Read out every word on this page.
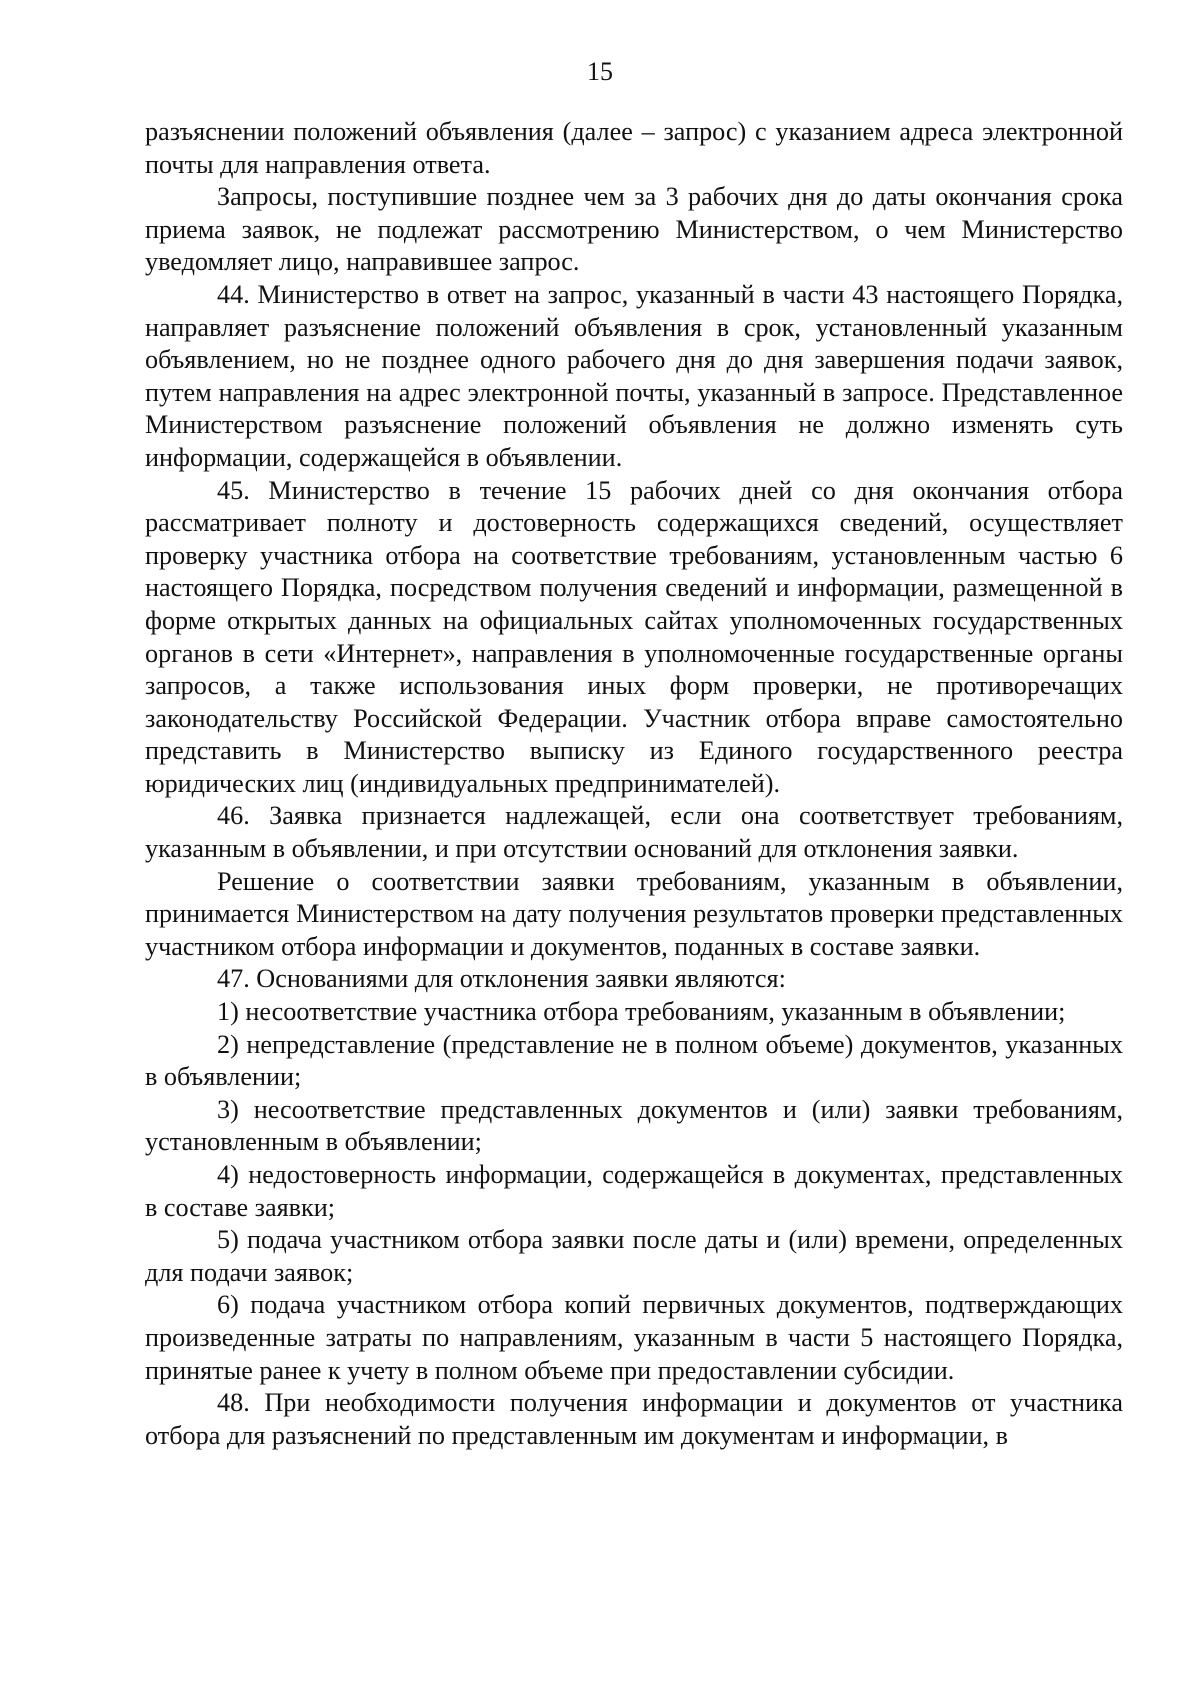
15

разъяснении положений объявления (далее – запрос) с указанием адреса электронной почты для направления ответа.

Запросы, поступившие позднее чем за 3 рабочих дня до даты окончания срока приема заявок, не подлежат рассмотрению Министерством, о чем Министерство уведомляет лицо, направившее запрос.

44. Министерство в ответ на запрос, указанный в части 43 настоящего Порядка, направляет разъяснение положений объявления в срок, установленный указанным объявлением, но не позднее одного рабочего дня до дня завершения подачи заявок, путем направления на адрес электронной почты, указанный в запросе. Представленное Министерством разъяснение положений объявления не должно изменять суть информации, содержащейся в объявлении.

45. Министерство в течение 15 рабочих дней со дня окончания отбора рассматривает полноту и достоверность содержащихся сведений, осуществляет проверку участника отбора на соответствие требованиям, установленным частью 6 настоящего Порядка, посредством получения сведений и информации, размещенной в форме открытых данных на официальных сайтах уполномоченных государственных органов в сети «Интернет», направления в уполномоченные государственные органы запросов, а также использования иных форм проверки, не противоречащих законодательству Российской Федерации. Участник отбора вправе самостоятельно представить в Министерство выписку из Единого государственного реестра юридических лиц (индивидуальных предпринимателей).

46. Заявка признается надлежащей, если она соответствует требованиям, указанным в объявлении, и при отсутствии оснований для отклонения заявки.

Решение о соответствии заявки требованиям, указанным в объявлении, принимается Министерством на дату получения результатов проверки представленных участником отбора информации и документов, поданных в составе заявки.

47. Основаниями для отклонения заявки являются:

1) несоответствие участника отбора требованиям, указанным в объявлении;

2) непредставление (представление не в полном объеме) документов, указанных в объявлении;

3) несоответствие представленных документов и (или) заявки требованиям, установленным в объявлении;

4) недостоверность информации, содержащейся в документах, представленных в составе заявки;

5) подача участником отбора заявки после даты и (или) времени, определенных для подачи заявок;

6) подача участником отбора копий первичных документов, подтверждающих произведенные затраты по направлениям, указанным в части 5 настоящего Порядка, принятые ранее к учету в полном объеме при предоставлении субсидии.

48. При необходимости получения информации и документов от участника отбора для разъяснений по представленным им документам и информации, в
